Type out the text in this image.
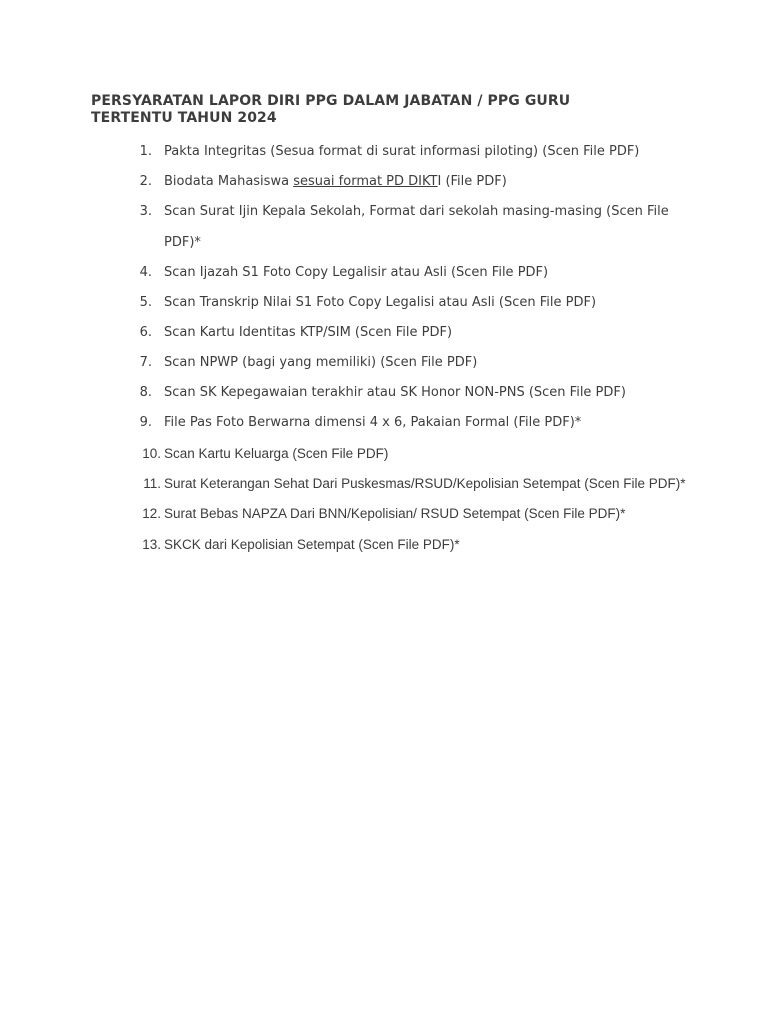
PERSYARATAN LAPOR DIRI PPG DALAM JABATAN / PPG GURU
TERTENTU TAHUN 2024
1. Pakta Integritas (Sesua format di surat informasi piloting) (Scen File PDF)
2. Biodata Mahasiswa sesuai format PD DIKTI (File PDF)
3. Scan Surat Ijin Kepala Sekolah, Format dari sekolah masing-masing (Scen File
PDF)*
4. Scan Ijazah S1 Foto Copy Legalisir atau Asli (Scen File PDF)
5. Scan Transkrip Nilai S1 Foto Copy Legalisi atau Asli (Scen File PDF)
6. Scan Kartu Identitas KTP/SIM (Scen File PDF)
7. Scan NPWP (bagi yang memiliki) (Scen File PDF)
8. Scan SK Kepegawaian terakhir atau SK Honor NON-PNS (Scen File PDF)
9. File Pas Foto Berwarna dimensi 4 x 6, Pakaian Formal (File PDF)*
10. Scan Kartu Keluarga (Scen File PDF)
11. Surat Keterangan Sehat Dari Puskesmas/RSUD/Kepolisian Setempat (Scen File PDF)*
12. Surat Bebas NAPZA Dari BNN/Kepolisian/ RSUD Setempat (Scen File PDF)*
13. SKCK dari Kepolisian Setempat (Scen File PDF)*
